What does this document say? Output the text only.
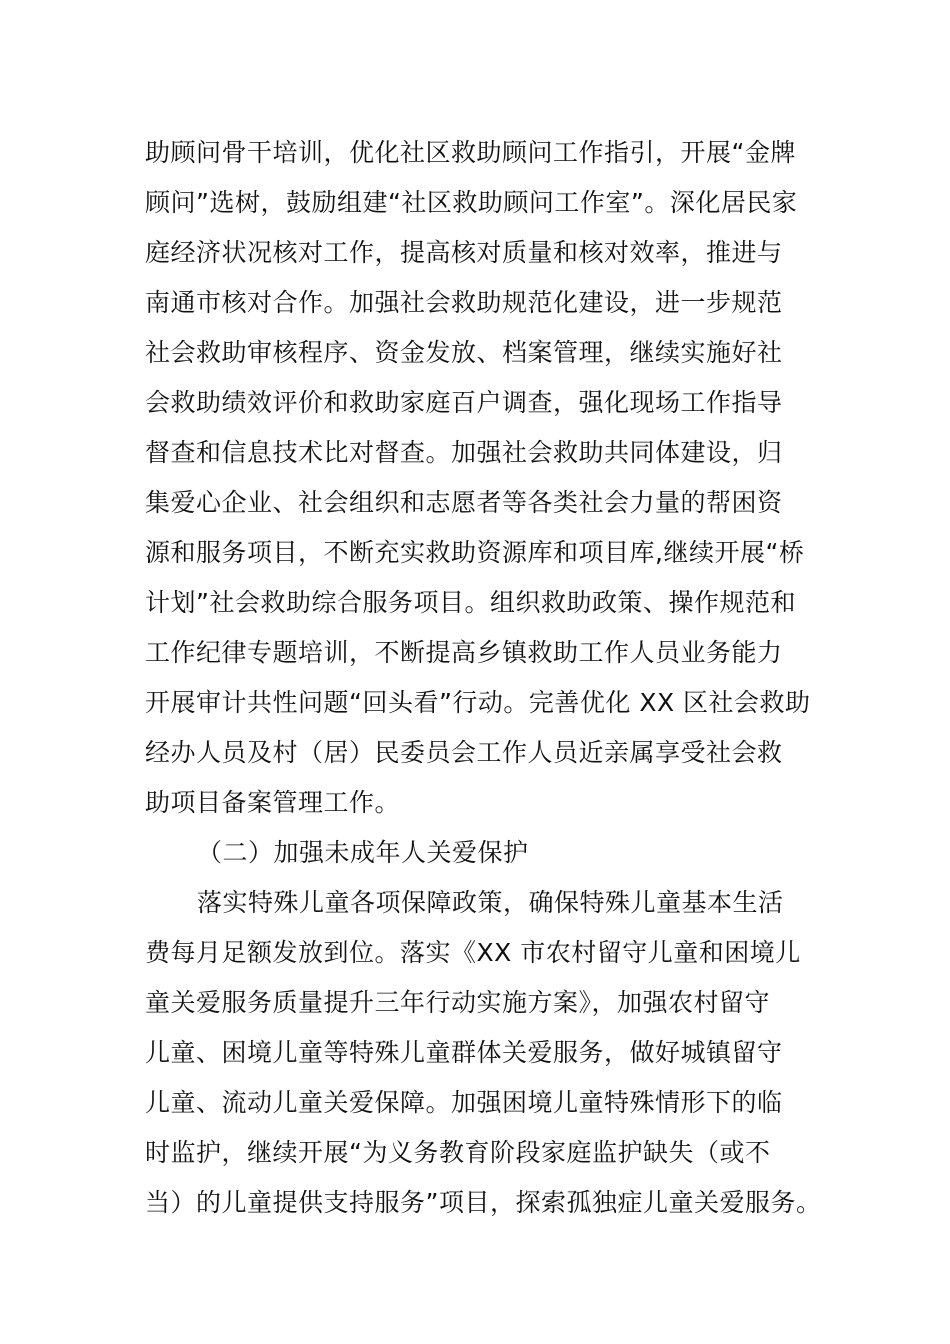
助顾问骨干培训，优化社区救助顾问工作指引，开展“金牌
顾问”选树，鼓励组建“社区救助顾问工作室”。深化居民家
庭经济状况核对工作，提高核对质量和核对效率，推进与
南通市核对合作。加强社会救助规范化建设，进一步规范
社会救助审核程序、资金发放、档案管理，继续实施好社
会救助绩效评价和救助家庭百户调查，强化现场工作指导
督查和信息技术比对督查。加强社会救助共同体建设，归
集爱心企业、社会组织和志愿者等各类社会力量的帮困资
源和服务项目，不断充实救助资源库和项目库,继续开展“桥
计划”社会救助综合服务项目。组织救助政策、操作规范和
工作纪律专题培训，不断提高乡镇救助工作人员业务能力
开展审计共性问题“回头看”行动。完善优化 XX 区社会救助
经办人员及村（居）民委员会工作人员近亲属享受社会救
助项目备案管理工作。
（二）加强未成年人关爱保护
落实特殊儿童各项保障政策，确保特殊儿童基本生活
费每月足额发放到位。落实《XX 市农村留守儿童和困境儿
童关爱服务质量提升三年行动实施方案》，加强农村留守
儿童、困境儿童等特殊儿童群体关爱服务，做好城镇留守
儿童、流动儿童关爱保障。加强困境儿童特殊情形下的临
时监护，继续开展“为义务教育阶段家庭监护缺失（或不
当）的儿童提供支持服务”项目，探索孤独症儿童关爱服务。
